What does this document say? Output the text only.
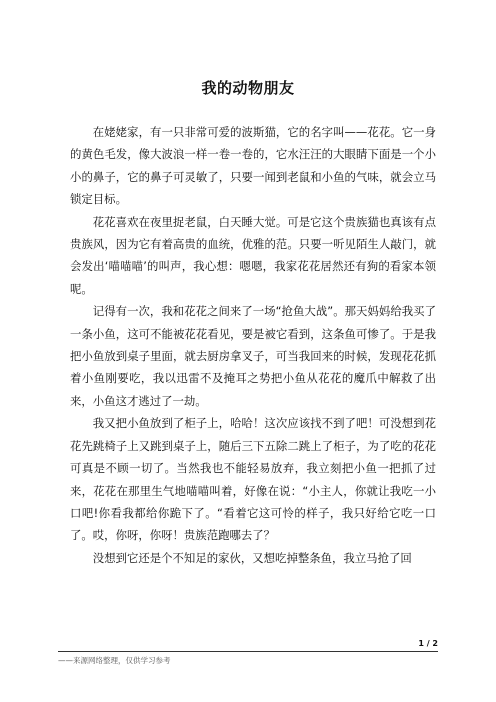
我的动物朋友

在姥姥家，有一只非常可爱的波斯猫，它的名字叫——花花。它一身的黄色毛发，像大波浪一样一卷一卷的，它水汪汪的大眼睛下面是一个小小的鼻子，它的鼻子可灵敏了，只要一闻到老鼠和小鱼的气味，就会立马锁定目标。

花花喜欢在夜里捉老鼠，白天睡大觉。可是它这个贵族猫也真该有点贵族风，因为它有着高贵的血统，优雅的范。只要一听见陌生人敲门，就会发出‘喵喵喵’的叫声，我心想：嗯嗯，我家花花居然还有狗的看家本领呢。

记得有一次，我和花花之间来了一场“抢鱼大战”。那天妈妈给我买了一条小鱼，这可不能被花花看见，要是被它看到，这条鱼可惨了。于是我把小鱼放到桌子里面，就去厨房拿叉子，可当我回来的时候，发现花花抓着小鱼刚要吃，我以迅雷不及掩耳之势把小鱼从花花的魔爪中解救了出来，小鱼这才逃过了一劫。

我又把小鱼放到了柜子上，哈哈！这次应该找不到了吧！可没想到花花先跳椅子上又跳到桌子上，随后三下五除二跳上了柜子，为了吃的花花可真是不顾一切了。当然我也不能轻易放弃，我立刻把小鱼一把抓了过来，花花在那里生气地喵喵叫着，好像在说：“小主人，你就让我吃一小口吧!你看我都给你跪下了。“看着它这可怜的样子，我只好给它吃一口了。哎，你呀，你呀！贵族范跑哪去了？

没想到它还是个不知足的家伙，又想吃掉整条鱼，我立马抢了回

1 / 2
——来源网络整理，仅供学习参考
